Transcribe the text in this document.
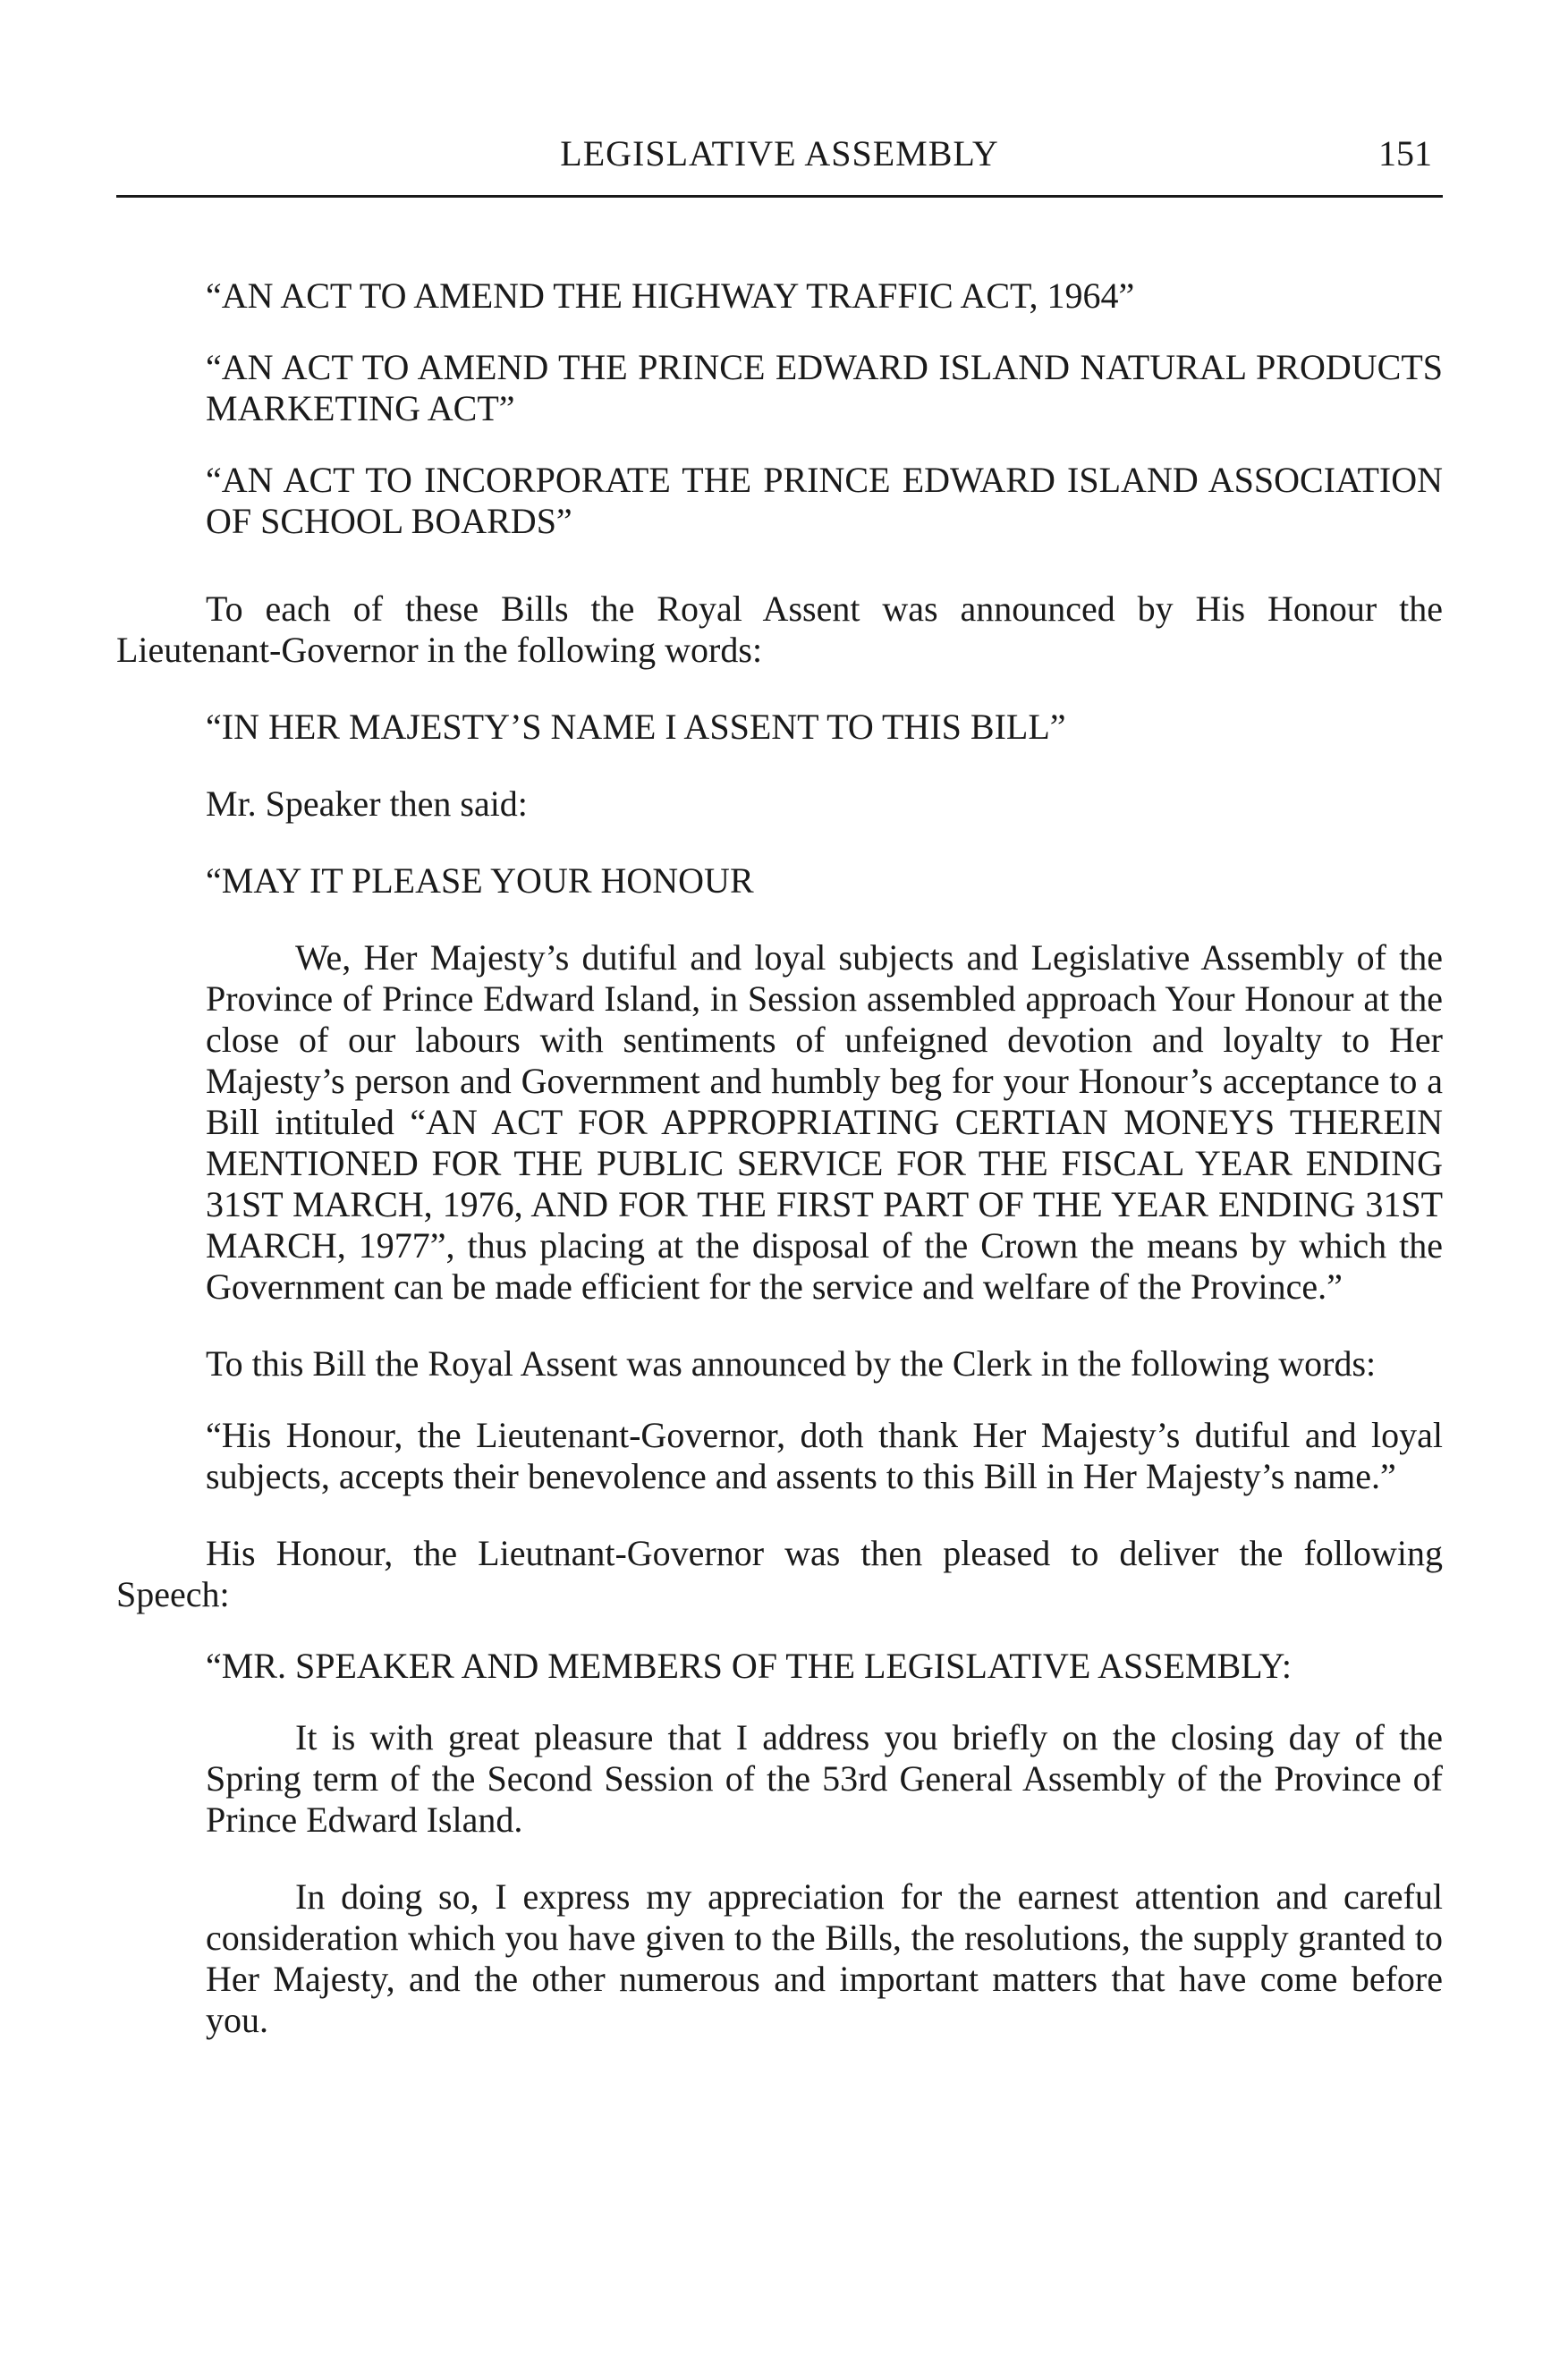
LEGISLATIVE ASSEMBLY	151

“AN ACT TO AMEND THE HIGHWAY TRAFFIC ACT, 1964”

“AN ACT TO AMEND THE PRINCE EDWARD ISLAND NATURAL PRODUCTS MARKETING ACT”

“AN ACT TO INCORPORATE THE PRINCE EDWARD ISLAND ASSOCIATION OF SCHOOL BOARDS”

To each of these Bills the Royal Assent was announced by His Honour the Lieutenant-Governor in the following words:

“IN HER MAJESTY’S NAME I ASSENT TO THIS BILL”

Mr. Speaker then said:

“MAY IT PLEASE YOUR HONOUR

We, Her Majesty’s dutiful and loyal subjects and Legislative Assembly of the Province of Prince Edward Island, in Session assembled approach Your Honour at the close of our labours with sentiments of unfeigned devotion and loyalty to Her Majesty’s person and Government and humbly beg for your Honour’s acceptance to a Bill intituled “AN ACT FOR APPROPRIATING CERTIAN MONEYS THEREIN MENTIONED FOR THE PUBLIC SERVICE FOR THE FISCAL YEAR ENDING 31ST MARCH, 1976, AND FOR THE FIRST PART OF THE YEAR ENDING 31ST MARCH, 1977”, thus placing at the disposal of the Crown the means by which the Government can be made efficient for the service and welfare of the Province.”

To this Bill the Royal Assent was announced by the Clerk in the following words:

“His Honour, the Lieutenant-Governor, doth thank Her Majesty’s dutiful and loyal subjects, accepts their benevolence and assents to this Bill in Her Majesty’s name.”

His Honour, the Lieutnant-Governor was then pleased to deliver the following Speech:

“MR. SPEAKER AND MEMBERS OF THE LEGISLATIVE ASSEMBLY:

It is with great pleasure that I address you briefly on the closing day of the Spring term of the Second Session of the 53rd General Assembly of the Province of Prince Edward Island.

In doing so, I express my appreciation for the earnest attention and careful consideration which you have given to the Bills, the resolutions, the supply granted to Her Majesty, and the other numerous and important matters that have come before you.
